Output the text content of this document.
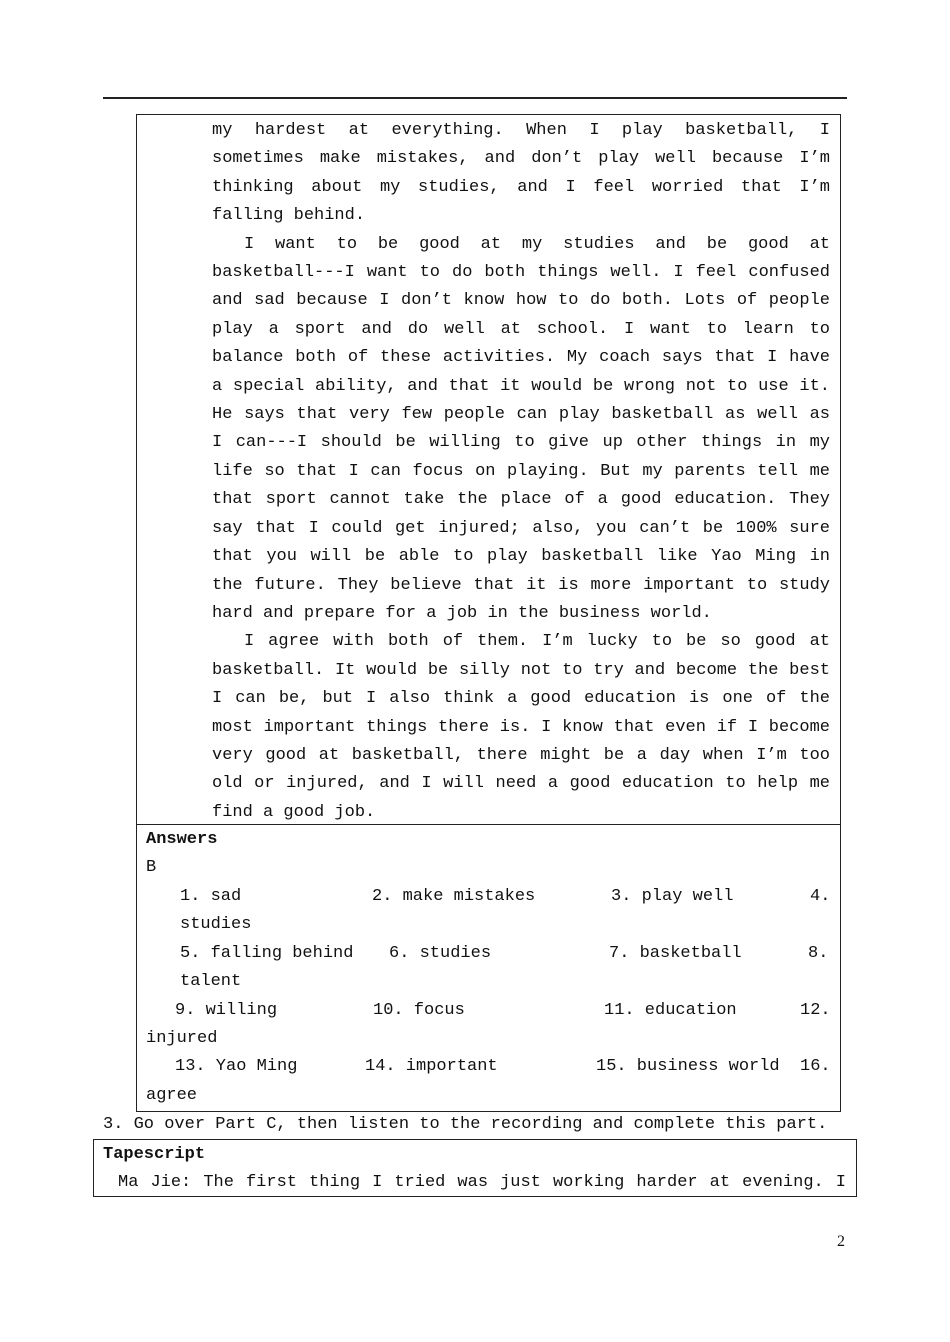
my hardest at everything. When I play basketball, I sometimes make mistakes, and don’t play well because I’m thinking about my studies, and I feel worried that I’m falling behind.

I want to be good at my studies and be good at basketball---I want to do both things well. I feel confused and sad because I don’t know how to do both. Lots of people play a sport and do well at school. I want to learn to balance both of these activities. My coach says that I have a special ability, and that it would be wrong not to use it. He says that very few people can play basketball as well as I can---I should be willing to give up other things in my life so that I can focus on playing. But my parents tell me that sport cannot take the place of a good education. They say that I could get injured; also, you can’t be 100% sure that you will be able to play basketball like Yao Ming in the future. They believe that it is more important to study hard and prepare for a job in the business world.

I agree with both of them. I’m lucky to be so good at basketball. It would be silly not to try and become the best I can be, but I also think a good education is one of the most important things there is. I know that even if I become very good at basketball, there might be a day when I’m too old or injured, and I will need a good education to help me find a good job.

Answers
B
1. sad	2. make mistakes	3. play well	4.
studies
5. falling behind 6. studies	7. basketball	8.
talent
9. willing	10. focus	11. education	12.
injured
13. Yao Ming	14. important	15. business world 16.
agree
3. Go over Part C, then listen to the recording and complete this part.
Tapescript
Ma Jie: The first thing I tried was just working harder at evening. I
2
